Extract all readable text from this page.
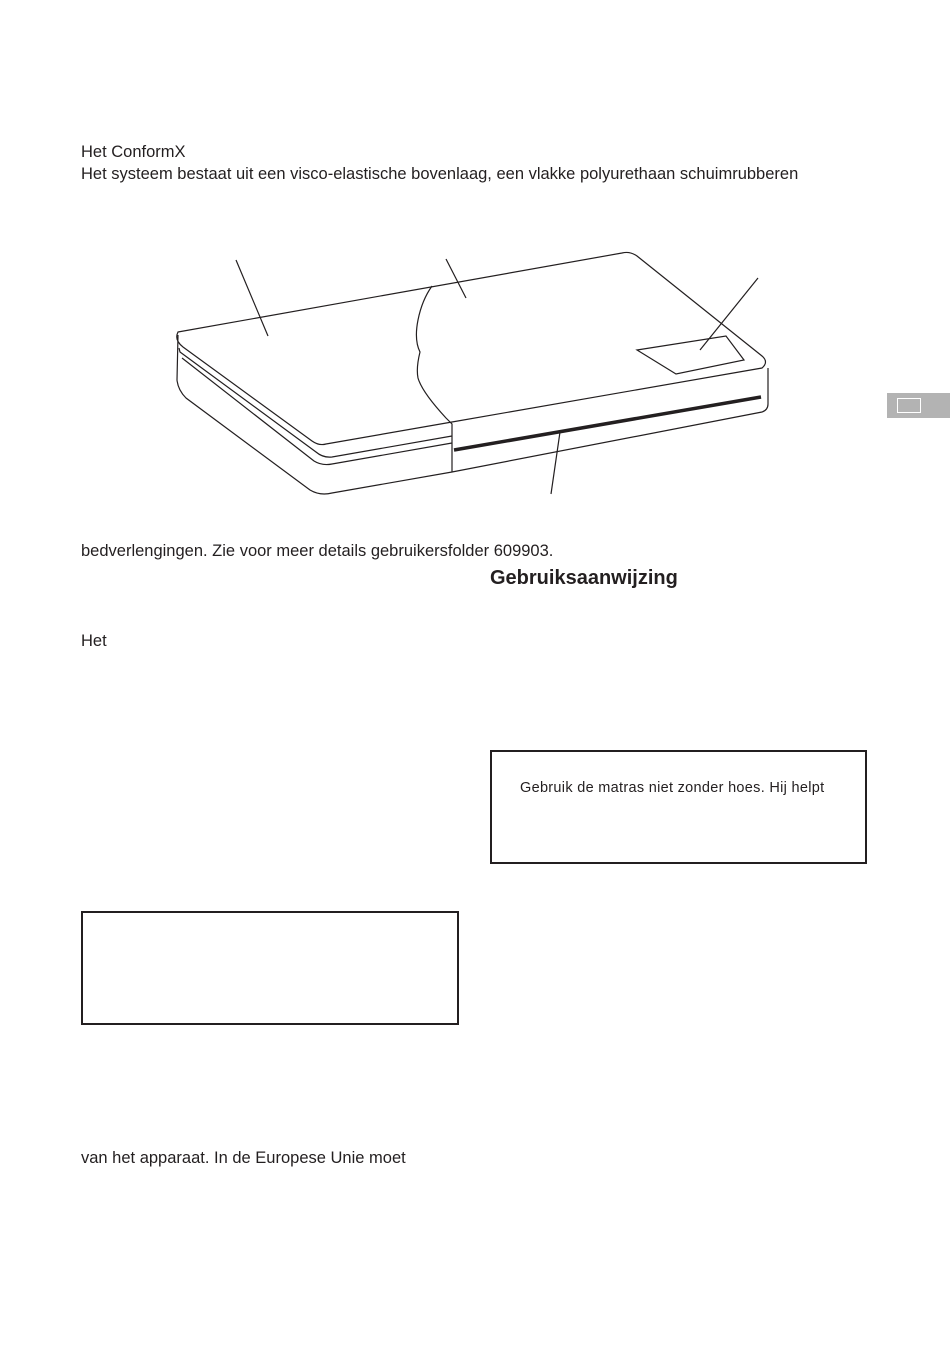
Het ConformX
Het systeem bestaat uit een visco-elastische bovenlaag, een vlakke polyurethaan schuimrubberen
bedverlengingen. Zie voor meer details gebruikersfolder 609903.
Gebruiksaanwijzing
Het
Gebruik de matras niet zonder hoes. Hij helpt
van het apparaat. In de Europese Unie moet
